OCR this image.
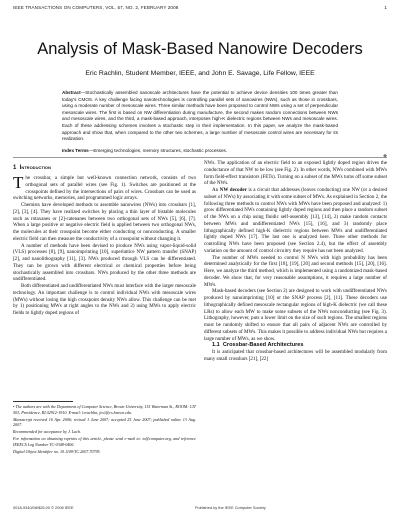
IEEE TRANSACTIONS ON COMPUTERS, VOL. 57, NO. 2, FEBRUARY 2008	1
Analysis of Mask-Based Nanowire Decoders
Eric Rachlin, Student Member, IEEE, and John E. Savage, Life Fellow, IEEE
Abstract—Stochastically assembled nanoscale architectures have the potential to achieve device densities 100 times greater than today's CMOS. A key challenge facing nanotechnologies is controlling parallel sets of nanowires (NWs), such as those in crossbars, using a moderate number of mesoscale wires. Three similar methods have been proposed to control NWs using a set of perpendicular mesoscale wires. The first is based on NW differentiation during manufacture, the second makes random connections between NWs and mesoscale wires, and the third, a mask-based approach, interposes high-K dielectric regions between NWs and mesoscale wires. Each of these addressing schemes involves a stochastic step in their implementation. In this paper, we analyze the mask-based approach and show that, when compared to the other two schemes, a large number of mesoscale control wires are necessary for its realization.
Index Terms—Emerging technologies, memory structures, stochastic processes.
◆
1 Introduction

The crossbar, a simple but well-known connection network, consists of two orthogonal sets of parallel wires (see Fig. 1). Switches are positioned at the crosspoints defined by the intersections of pairs of wires. Crossbars can be used as switching networks, memories, and programmed logic arrays.

Chemists have developed methods to assemble nanowires (NWs) into crossbars [1], [2], [3], [4]. They have realized switches by placing a thin layer of bistable molecules such as rotaxanes or [2]-catenanes between two orthogonal sets of NWs [5], [6], [7]. When a large positive or negative electric field is applied between two orthogonal NWs, the molecules at their crosspoint become either conducting or nonconducting. A smaller electric field can then measure the conductivity of a crosspoint without changing it.

A number of methods have been devised to produce NWs using vapor-liquid-solid (VLS) processes [8], [9], nanoimprinting [10], superlattice NW pattern transfer (SNAP) [2], and nanolithography [11], [3]. NWs produced through VLS can be differentiated. They can be grown with different electrical or chemical properties before being stochastically assembled into crossbars. NWs produced by the other three methods are undifferentiated.

Both differentiated and undifferentiated NWs must interface with the larger mesoscale technology. An important challenge is to control individual NWs with mesoscale wires (MWs) without losing the high crosspoint density NWs allow. This challenge can be met by 1) positioning MWs at right angles to the NWs and 2) using MWs to apply electric fields to lightly doped regions of

• The authors are with the Department of Computer Science, Brown University, 115 Waterman St., ROOM: CIT 503, Providence, RI 02912-1910. E-mail: {erachlin, jes}@cs.brown.edu.

Manuscript received 16 Apr. 2006; revised 1 June 2007; accepted 25 June 2007; published online 13 Aug. 2007.

Recommended for acceptance by J. Lach.

For information on obtaining reprints of this article, please send e-mail to: tc@computer.org, and reference IEEECS Log Number TC-0348-0406.

Digital Object Identifier no. 10.1109/TC.2007.70795.

NWs. The application of an electric field to an exposed lightly doped region drives the conductance of that NW to be low (see Fig. 2). In other words, NWs combined with MWs form field-effect transistors (FETs). Turning on a subset of the MWs turns off some subset of the NWs.

An NW decoder is a circuit that addresses (leaves conducting) one NW (or a desired subset of NWs) by associating it with some subset of MWs. As explained in Section 2, the following three methods to control NWs with MWs have been proposed and analyzed: 1) grow differentiated NWs containing lightly doped regions and then place a random subset of the NWs on a chip using fluidic self-assembly [13], [14], 2) make random contacts between MWs and undifferentiated NWs [15], [16], and 3) randomly place lithographically defined high-K dielectric regions between MWs and undifferentiated lightly doped NWs [17]. The last one is analyzed here. Three other methods for controlling NWs have been proposed (see Section 2.4), but the effect of assembly variation on the amount of control circuitry they require has not been analyzed.

The number of MWs needed to control N NWs with high probability has been determined analytically for the first [18], [19], [20] and second methods [15], [20], [16]. Here, we analyze the third method, which is implemented using a randomized mask-based decoder. We show that, for very reasonable assumptions, it requires a large number of MWs.

Mask-based decoders (see Section 2) are designed to work with undifferentiated NWs produced by nanoimprinting [10] or the SNAP process [2], [11]. These decoders use lithographically defined mesoscale rectangular regions of high-K dielectric (we call these LRs) to allow each MW to make some subsets of the NWs nonconducting (see Fig. 3). Lithography, however, puts a lower limit on the size of such regions. The smallest regions must be randomly shifted to ensure that all pairs of adjacent NWs are controlled by different subsets of MWs. This makes it possible to address individual NWs but requires a large number of MWs, as we show.

1.1 Crossbar-Based Architectures

It is anticipated that crossbar-based architectures will be assembled modularly from many small crossbars [21], [22]

0018-9340/08/$25.00 © 2008 IEEE	Published by the IEEE Computer Society
